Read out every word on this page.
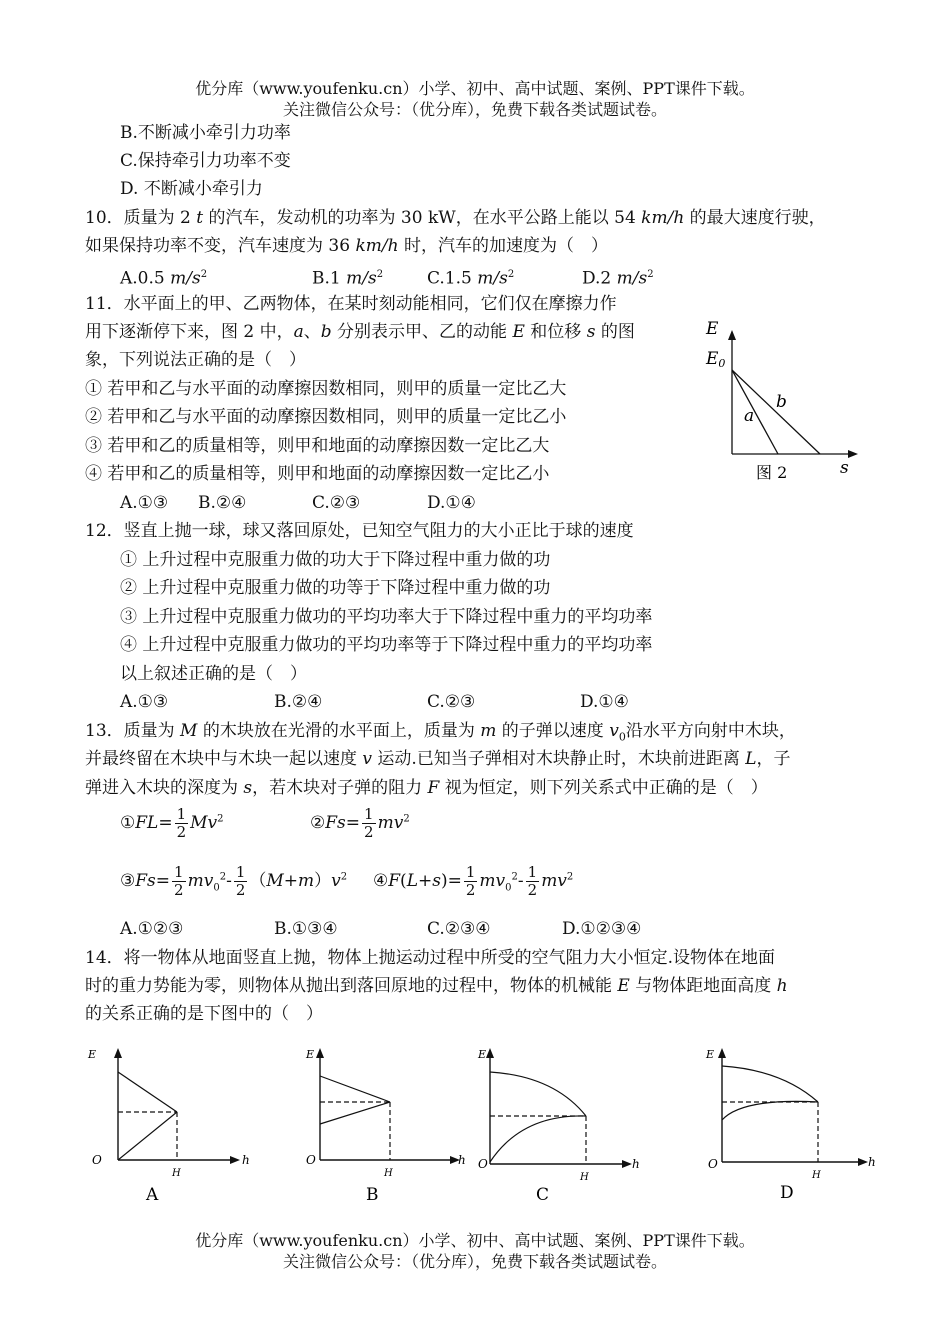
优分库（www.youfenku.cn）小学、初中、高中试题、案例、PPT课件下载。
关注微信公众号：（优分库），免费下载各类试题试卷。
B.不断减小牵引力功率
C.保持牵引力功率不变
D. 不断减小牵引力
10．质量为 2 t 的汽车，发动机的功率为 30 kW，在水平公路上能以 54 km/h 的最大速度行驶，
如果保持功率不变，汽车速度为 36 km/h 时，汽车的加速度为（　）
A.0.5 $m/s^2$	B.1 $m/s^2$	C.1.5 $m/s^2$	D.2 $m/s^2$
11．水平面上的甲、乙两物体，在某时刻动能相同，它们仅在摩擦力作
用下逐渐停下来，图 2 中，a、b 分别表示甲、乙的动能 E 和位移 s 的图
象，下列说法正确的是（　）
① 若甲和乙与水平面的动摩擦因数相同，则甲的质量一定比乙大
② 若甲和乙与水平面的动摩擦因数相同，则甲的质量一定比乙小
③ 若甲和乙的质量相等，则甲和地面的动摩擦因数一定比乙大
④ 若甲和乙的质量相等，则甲和地面的动摩擦因数一定比乙小
A.①③ B.②④	C.②③	D.①④
E
E0
a
b
s
图 2
12．竖直上抛一球，球又落回原处，已知空气阻力的大小正比于球的速度
① 上升过程中克服重力做的功大于下降过程中重力做的功
② 上升过程中克服重力做的功等于下降过程中重力做的功
③ 上升过程中克服重力做功的平均功率大于下降过程中重力的平均功率
④ 上升过程中克服重力做功的平均功率等于下降过程中重力的平均功率
以上叙述正确的是（　）
A.①③	B.②④	C.②③	D.①④
13．质量为 M 的木块放在光滑的水平面上，质量为 m 的子弹以速度 $v_0$沿水平方向射中木块，
并最终留在木块中与木块一起以速度 v 运动.已知当子弹相对木块静止时，木块前进距离 L，子
弹进入木块的深度为 s，若木块对子弹的阻力 F 视为恒定，则下列关系式中正确的是（　）
①FL= $\frac{1}{2} Mv^2$	②Fs= $\frac{1}{2} mv^2$
③Fs= $\frac{1}{2} mv_0^2- \frac{1}{2} (M+m)v^2$ ④F(L+s)= $\frac{1}{2} mv_0^2- \frac{1}{2} mv^2$
A.①②③	B.①③④	C.②③④	D.①②③④
14．将一物体从地面竖直上抛，物体上抛运动过程中所受的空气阻力大小恒定.设物体在地面
时的重力势能为零，则物体从抛出到落回原地的过程中，物体的机械能 E 与物体距地面高度 h
的关系正确的是下图中的（　）
E
O
H
h
A
E
O
H
h
B
E
O
H
h
C
E
O
H
h
D
优分库（www.youfenku.cn）小学、初中、高中试题、案例、PPT课件下载。
关注微信公众号：（优分库），免费下载各类试题试卷。
